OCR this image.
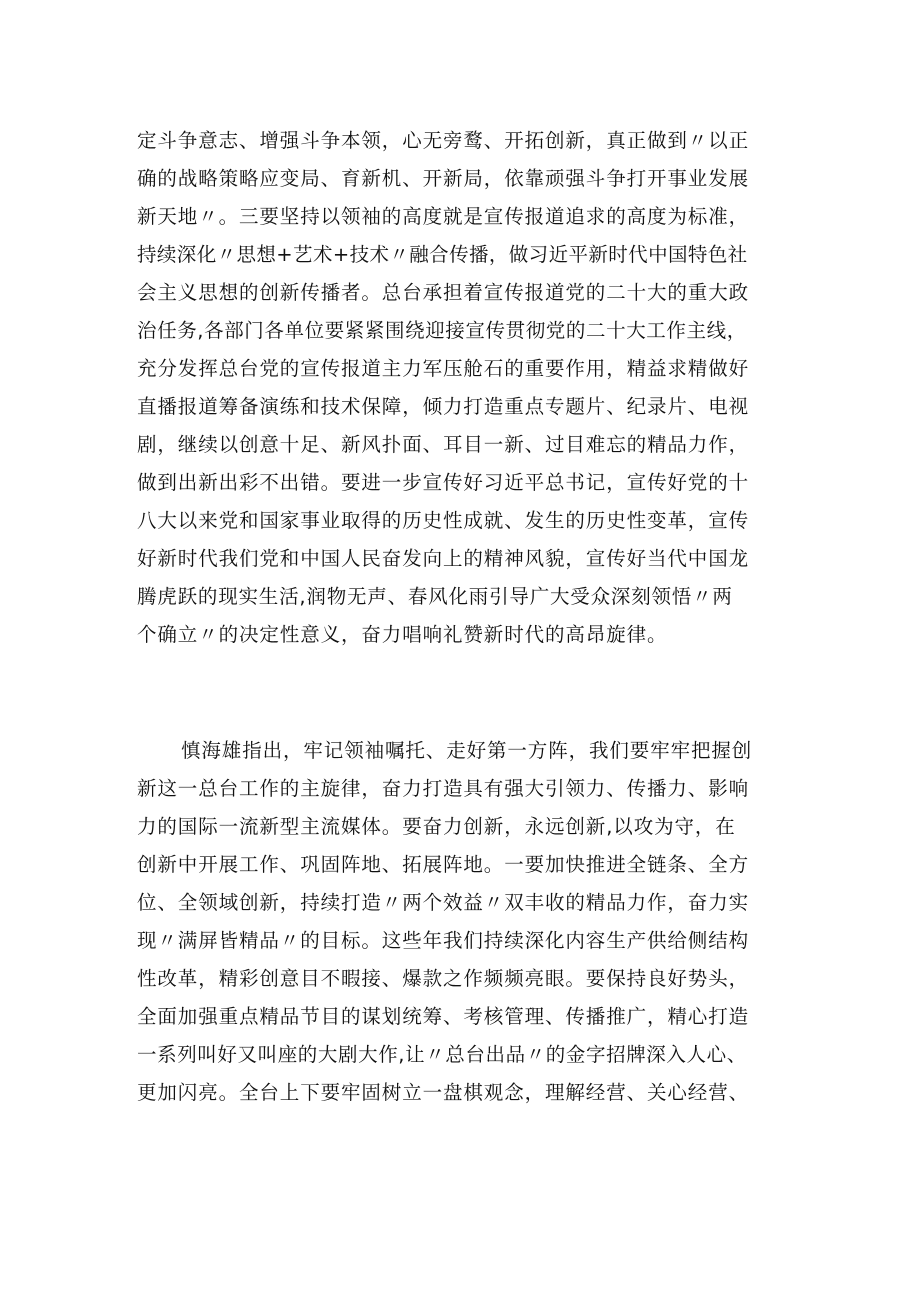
定斗争意志、增强斗争本领，心无旁鹜、开拓创新，真正做到〃以正
确的战略策略应变局、育新机、开新局，依靠顽强斗争打开事业发展
新天地〃。三要坚持以领袖的高度就是宣传报道追求的高度为标准，
持续深化〃思想+艺术+技术〃融合传播，做习近平新时代中国特色社
会主义思想的创新传播者。总台承担着宣传报道党的二十大的重大政
治任务,各部门各单位要紧紧围绕迎接宣传贯彻党的二十大工作主线，
充分发挥总台党的宣传报道主力军压舱石的重要作用，精益求精做好
直播报道筹备演练和技术保障，倾力打造重点专题片、纪录片、电视
剧，继续以创意十足、新风扑面、耳目一新、过目难忘的精品力作，
做到出新出彩不出错。要进一步宣传好习近平总书记，宣传好党的十
八大以来党和国家事业取得的历史性成就、发生的历史性变革，宣传
好新时代我们党和中国人民奋发向上的精神风貌，宣传好当代中国龙
腾虎跃的现实生活,润物无声、春风化雨引导广大受众深刻领悟〃两
个确立〃的决定性意义，奋力唱响礼赞新时代的高昂旋律。
慎海雄指出，牢记领袖嘱托、走好第一方阵，我们要牢牢把握创
新这一总台工作的主旋律，奋力打造具有强大引领力、传播力、影响
力的国际一流新型主流媒体。要奋力创新，永远创新,以攻为守，在
创新中开展工作、巩固阵地、拓展阵地。一要加快推进全链条、全方
位、全领域创新，持续打造〃两个效益〃双丰收的精品力作，奋力实
现〃满屏皆精品〃的目标。这些年我们持续深化内容生产供给侧结构
性改革，精彩创意目不暇接、爆款之作频频亮眼。要保持良好势头，
全面加强重点精品节目的谋划统筹、考核管理、传播推广，精心打造
一系列叫好又叫座的大剧大作,让〃总台出品〃的金字招牌深入人心、
更加闪亮。全台上下要牢固树立一盘棋观念，理解经营、关心经营、
